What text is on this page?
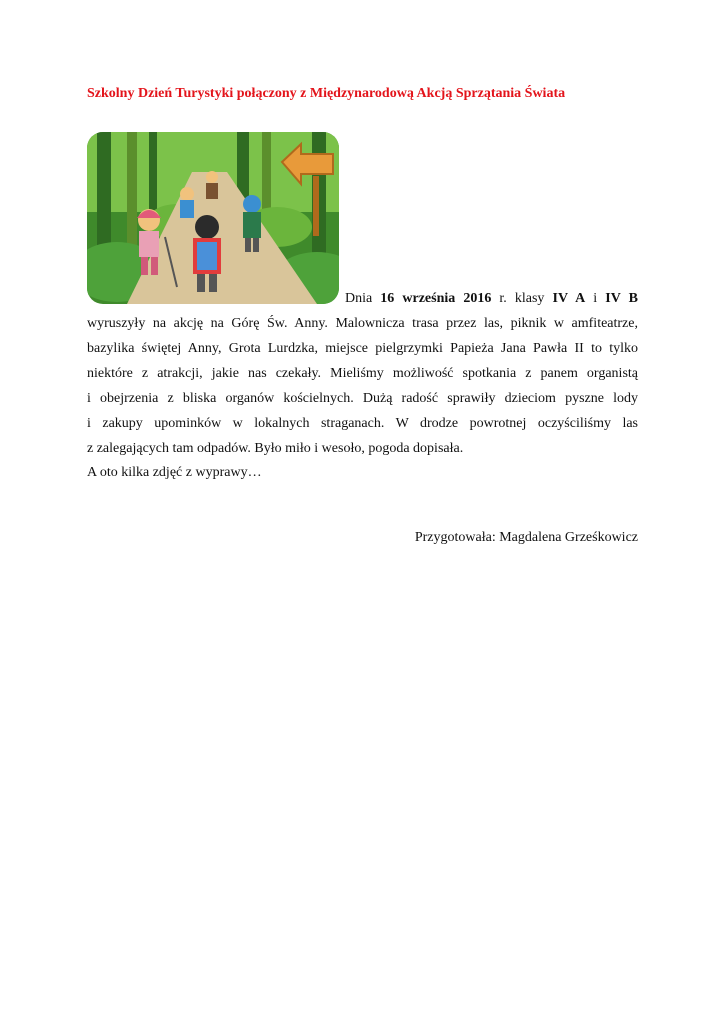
Szkolny Dzień Turystyki połączony z Międzynarodową Akcją Sprzątania Świata
Dnia 16 września 2016 r. klasy IV A i IV B

wyruszyły na akcję na Górę Św. Anny. Malownicza trasa przez las, piknik w amfiteatrze,

bazylika świętej Anny, Grota Lurdzka, miejsce pielgrzymki Papieża Jana Pawła II to tylko

niektóre z atrakcji, jakie nas czekały. Mieliśmy możliwość spotkania z panem organistą

i obejrzenia z bliska organów kościelnych. Dużą radość sprawiły dzieciom pyszne lody

i zakupy upominków w lokalnych straganach. W drodze powrotnej oczyściliśmy las

z zalegających tam odpadów. Było miło i wesoło, pogoda dopisała.

A oto kilka zdjęć z wyprawy…

Przygotowała: Magdalena Grześkowicz
